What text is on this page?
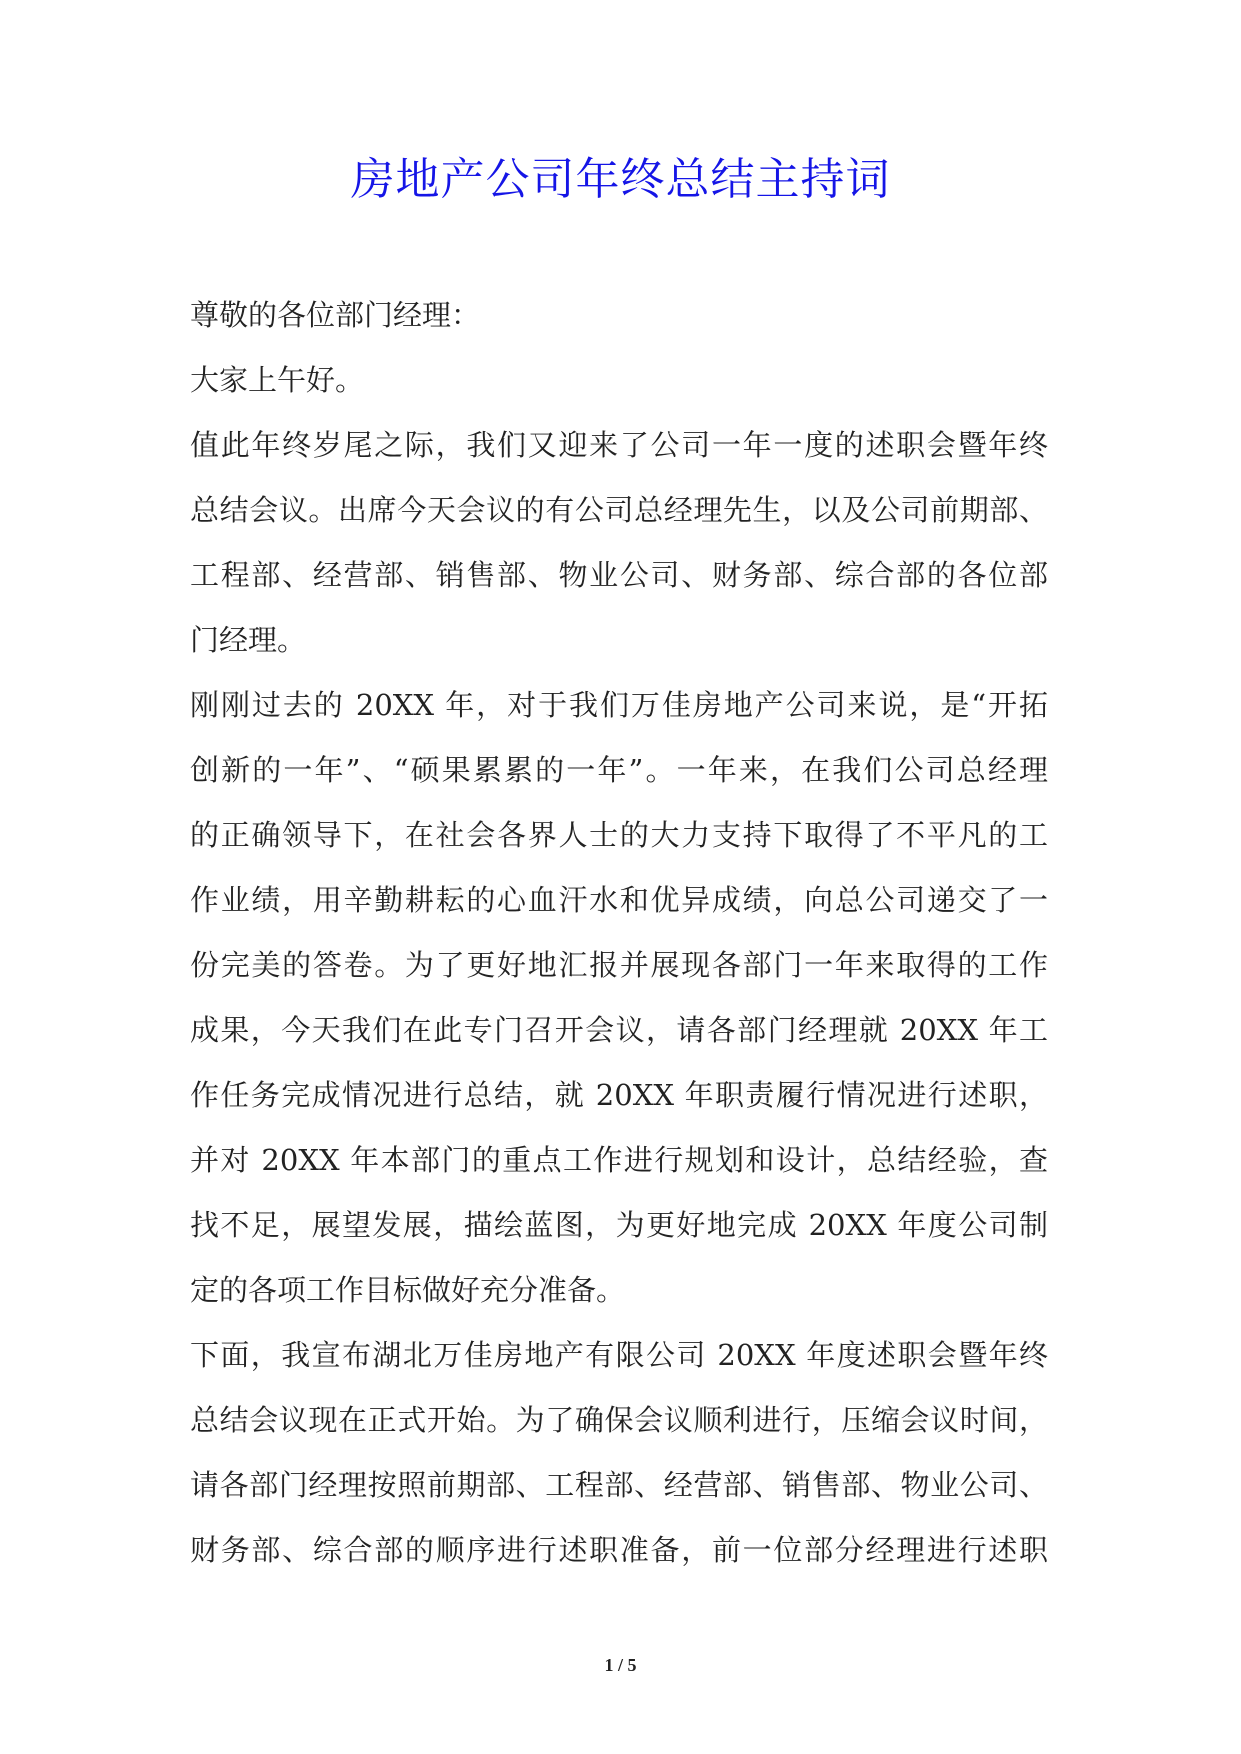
房地产公司年终总结主持词
尊敬的各位部门经理：
大家上午好。
值此年终岁尾之际，我们又迎来了公司一年一度的述职会暨年终
总结会议。出席今天会议的有公司总经理先生，以及公司前期部、
工程部、经营部、销售部、物业公司、财务部、综合部的各位部
门经理。
刚刚过去的 20XX 年，对于我们万佳房地产公司来说，是“开拓
创新的一年”、“硕果累累的一年”。一年来，在我们公司总经理
的正确领导下，在社会各界人士的大力支持下取得了不平凡的工
作业绩，用辛勤耕耘的心血汗水和优异成绩，向总公司递交了一
份完美的答卷。为了更好地汇报并展现各部门一年来取得的工作
成果，今天我们在此专门召开会议，请各部门经理就 20XX 年工
作任务完成情况进行总结，就 20XX 年职责履行情况进行述职，
并对 20XX 年本部门的重点工作进行规划和设计，总结经验，查
找不足，展望发展，描绘蓝图，为更好地完成 20XX 年度公司制
定的各项工作目标做好充分准备。
下面，我宣布湖北万佳房地产有限公司 20XX 年度述职会暨年终
总结会议现在正式开始。为了确保会议顺利进行，压缩会议时间，
请各部门经理按照前期部、工程部、经营部、销售部、物业公司、
财务部、综合部的顺序进行述职准备，前一位部分经理进行述职
1 / 5
